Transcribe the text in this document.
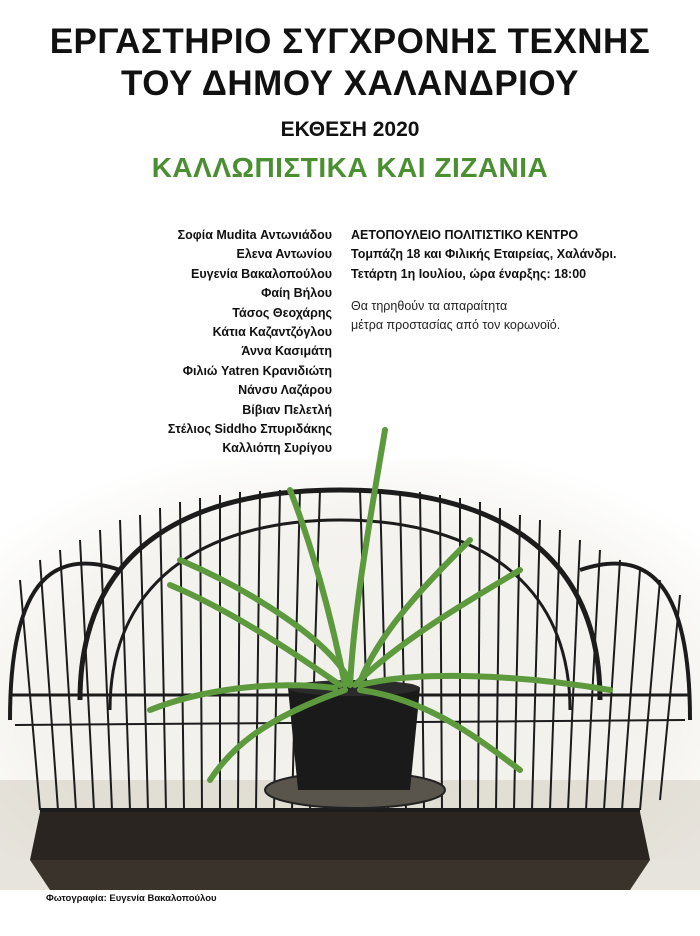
ΕΡΓΑΣΤΗΡΙΟ ΣΥΓΧΡΟΝΗΣ ΤΕΧΝΗΣ
ΤΟΥ ΔΗΜΟΥ ΧΑΛΑΝΔΡΙΟΥ
ΕΚΘΕΣΗ 2020
ΚΑΛΛΩΠΙΣΤΙΚΑ ΚΑΙ ΖΙΖΑΝΙΑ
Σοφία Mudita Αντωνιάδου
Ελενα Αντωνίου
Ευγενία Βακαλοπούλου
Φαίη Βήλου
Τάσος Θεοχάρης
Κάτια Καζαντζόγλου
Άννα Κασιμάτη
Φιλιώ Yatren Κρανιδιώτη
Νάνσυ Λαζάρου
Βίβιαν Πελετλή
Στέλιος Siddho Σπυριδάκης
Καλλιόπη Συρίγου
ΑΕΤΟΠΟΥΛΕΙΟ ΠΟΛΙΤΙΣΤΙΚΟ ΚΕΝΤΡΟ
Τομπάζη 18 και Φιλικής Εταιρείας, Χαλάνδρι.
Τετάρτη 1η Ιουλίου, ώρα έναρξης: 18:00
Θα τηρηθούν τα απαραίτητα
μέτρα προστασίας από τον κορωνοϊό.
Φωτογραφία: Ευγενία Βακαλοπούλου
